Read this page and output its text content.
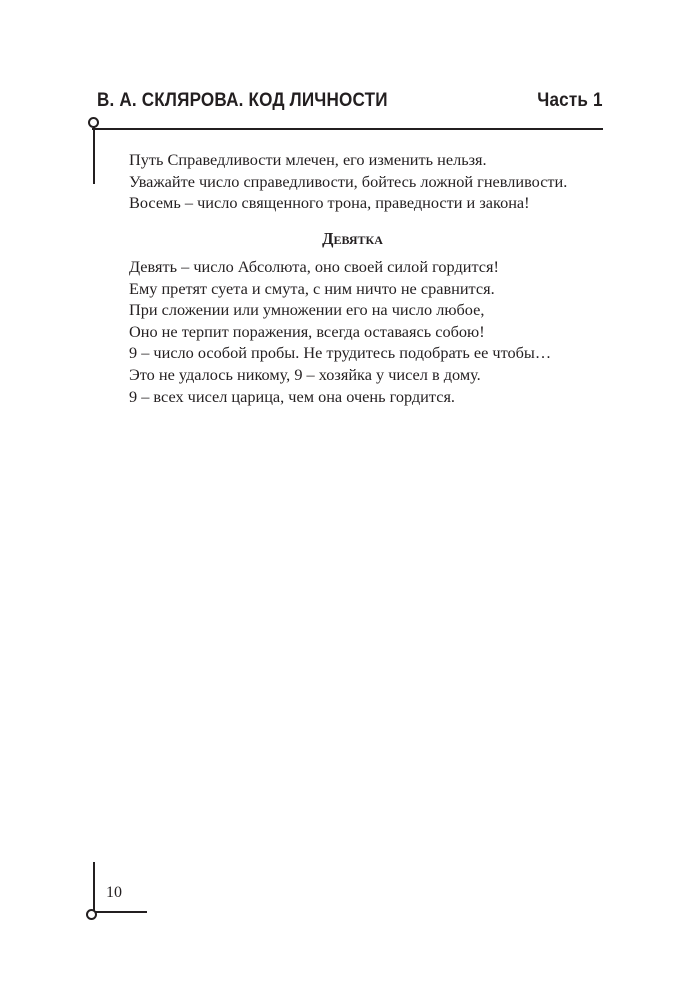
В. А. СКЛЯРОВА. КОД ЛИЧНОСТИ	Часть 1
Путь Справедливости млечен, его изменить нельзя.
Уважайте число справедливости, бойтесь ложной гневливости.
Восемь – число священного трона, праведности и закона!
Девятка
Девять – число Абсолюта, оно своей силой гордится!
Ему претят суета и смута, с ним ничто не сравнится.
При сложении или умножении его на число любое,
Оно не терпит поражения, всегда оставаясь собою!
9 – число особой пробы. Не трудитесь подобрать ее чтобы…
Это не удалось никому, 9 – хозяйка у чисел в дому.
9 – всех чисел царица, чем она очень гордится.
10
